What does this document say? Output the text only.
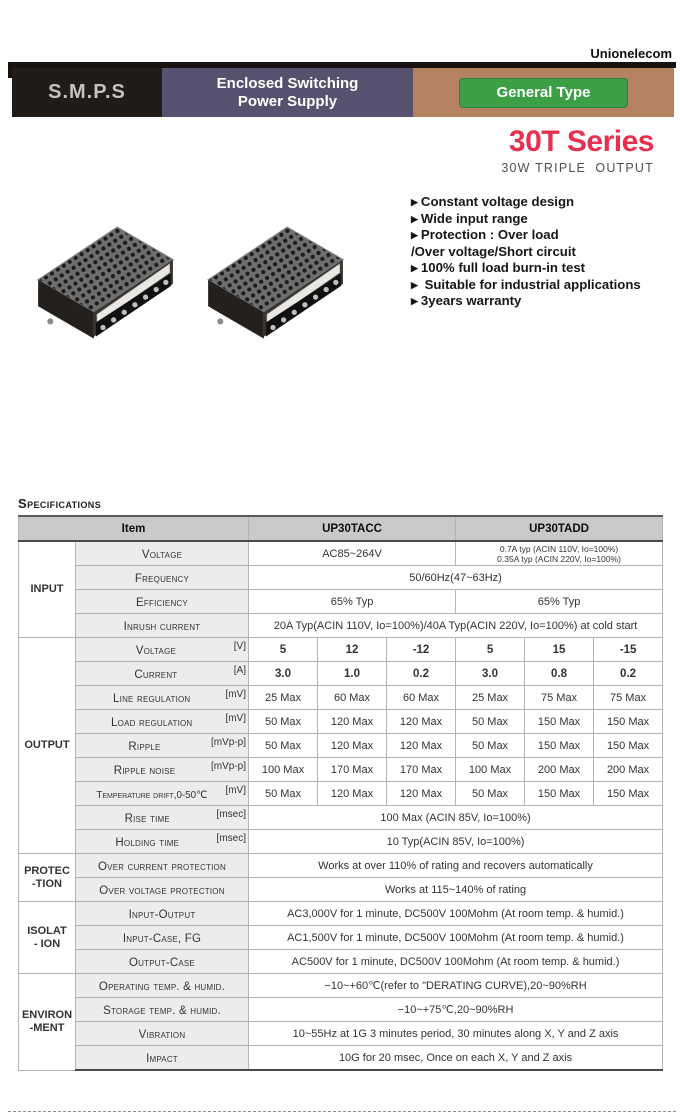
Unionelecom
S.M.P.S	Enclosed Switching
Power Supply	General Type
30T Series
30W TRIPLE  OUTPUT
▶ Constant voltage design
▶ Wide input range
▶ Protection : Over load
/Over voltage/Short circuit
▶ 100% full load burn-in test
▶ Suitable for industrial applications
▶ 3years warranty
Specifications
Item		UP30TACC			UP30TADD		
INPUT	Voltage	AC85~264V			0.7A typ (ACIN 110V, Io=100%)
0.35A typ (ACIN 220V, Io=100%)		

	Frequency	50/60Hz(47~63Hz)					
	Efficiency	65% Typ			65% Typ		
	Inrush current	20A Typ(ACIN 110V, Io=100%)/40A Typ(ACIN 220V, Io=100%) at cold start					
OUTPUT	Voltage [V]	5	12	-12	5	15	-15
	Current [A]	3.0	1.0	0.2	3.0	0.8	0.2
	Line regulation [mV]	25 Max	60 Max	60 Max	25 Max	75 Max	75 Max
	Load regulation [mV]	50 Max	120 Max	120 Max	50 Max	150 Max	150 Max
	Ripple [mVp-p]	50 Max	120 Max	120 Max	50 Max	150 Max	150 Max
	Ripple noise [mVp-p]	100 Max	170 Max	170 Max	100 Max	200 Max	200 Max
	Temperature drift,0-50℃ [mV]	50 Max	120 Max	120 Max	50 Max	150 Max	150 Max
	Rise time [msec]	100 Max (ACIN 85V, Io=100%)					
	Holding time [msec]	10 Typ(ACIN 85V, Io=100%)					
PROTEC
-TION	Over current protection	Works at over 110% of rating and recovers automatically					
	Over voltage protection	Works at 115~140% of rating					
ISOLAT
- ION	Input-Output	AC3,000V for 1 minute, DC500V 100Mohm (At room temp. & humid.)					
	Input-Case, FG	AC1,500V for 1 minute, DC500V 100Mohm (At room temp. & humid.)					
	Output-Case	AC500V for 1 minute, DC500V 100Mohm (At room temp. & humid.)					
ENVIRON
-MENT	Operating temp. & humid.	−10~+60℃(refer to "DERATING CURVE),20~90%RH					
	Storage temp. & humid.	−10~+75℃,20~90%RH					
	Vibration	10~55Hz at 1G 3 minutes period, 30 minutes along X, Y and Z axis					
	Impact	10G for 20 msec, Once on each X, Y and Z axis					
